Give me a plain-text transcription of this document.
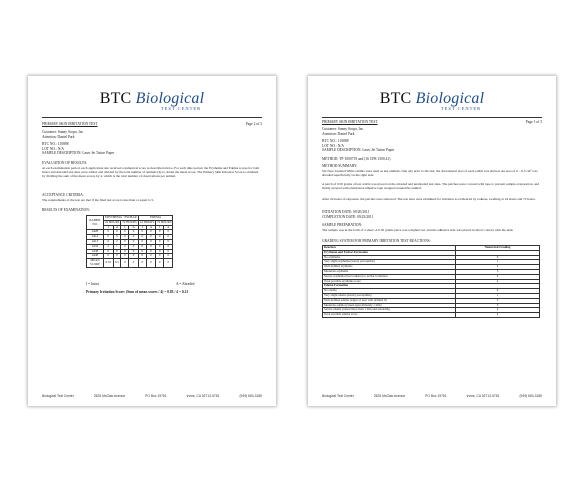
BTC Biological
TEST CENTER
PRIMARY SKIN IRRITATION TEST	Page 2 of 3
Customer: Sunny Scopa, Inc.
Attention: Daniel Park
BTC NO.: 110888
LOT NO.: N/A
SAMPLE DESCRIPTION: Laser Jet Tattoo Paper
EVALUATION OF RESULTS:
At each examination period, each application site received a numerical score as described above. For each time period, the Erythema and Edema scores for both Intact and Abraded test sites were added, and divided by the total number of animals (6) to obtain the mean score. The Primary Skin Irritation Score is obtained by dividing the sum of the mean scores by 4, which is the total number of observations per animal.
ACCEPTANCE CRITERIA:
The requirements of the test are met if the final test score is less than or equal to 5.
RESULTS OF EXAMINATION:
RABBIT NO.	ERYTHEMA · ESCHAR				EDEMA			
	24 HOURS		72 HOURS		24 HOURS		72 HOURS	
	I	A	I	A	I	A	I	A
4428	0	0	0	0	0	0	0	0
4414	0	0	0	0	0	0	0	0
4413	0	2	0	0	0	0	0	0
4433	2	1	0	0	0	0	0	0
4438	0	0	0	0	0	0	0	0
4448	0	0	0	0	0	0	0	0
MEAN SCORE	0.33	0.5	0	0	0	0	0	0
I = Intact	A = Abraded
Primary Irritation Score: (Sum of mean scores / 4) = 0.83 / 4 = 0.21
Biological Test Center	2525 McGaw Avenue	PO Box 19781	Irvine, CA 92713-9781	(949) 660-3185
BTC Biological
TEST CENTER
PRIMARY SKIN IRRITATION TEST	Page 1 of 3
Customer: Sunny Scopa, Inc.
Attention: Daniel Park
BTC NO.: 110888
LOT NO.: N/A
SAMPLE DESCRIPTION: Laser Jet Tattoo Paper
METHOD: TP-1000719 and (16 CFR 1500.41)
METHOD SUMMARY:
Six New Zealand White rabbits were used as test animals. One day prior to the test, the dorsolateral area of each rabbit was shaved. An area of 6 – 6.5 cm² was abraded superficially on the right side.
A patch of 0.50 grams of test article was placed on the abraded and unabraded test sites. The patches were covered with tape to prevent sample evaporation, and firmly secured with elasticized adhesive tape wrapped around the animal.
After 24 hours of exposure, the patches were removed. The test sites were examined for irritation as evidenced by redness, swelling at 24 hours and 72 hours.
INITIATION DATE: 09/20/2011
COMPLETION DATE: 09/23/2011
SAMPLE PREPARATION:
The sample was in the form of a sheet. A 0.50 grams piece was weighed out, and the adhesive side was placed in direct contact with the skin.
GRADING SYSTEM FOR PRIMARY IRRITATION TEST REACTIONS:
Reaction	Numerical Grading
Erythema and Eschar Formation	
No erythema	0
Very slight erythema (barely perceptible)	1
Well-defined erythema	2
Moderate erythema	3
Severe erythema (beet redness) to eschar formation	4
Total possible erythema score	4
Edema Formation	
No edema	0
Very slight edema (barely perceptible)	1
Well-defined edema (edges of area well defined by	2
Moderate edema (raised approximately 1 mm)	3
Severe edema (raised more than 1 mm and extending	4
Total possible edema score	4
Biological Test Center	2525 McGaw Avenue	PO Box 19781	Irvine, CA 92713-9781	(949) 660-3185
